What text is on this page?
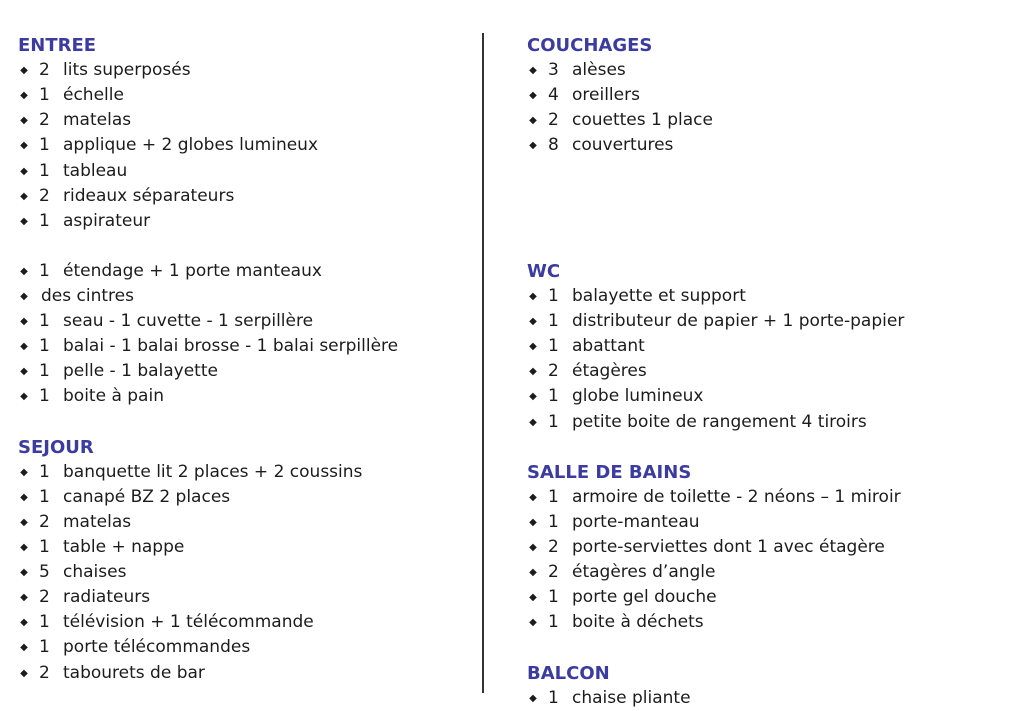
ENTREE
◆ 2 lits superposés
◆ 1 échelle
◆ 2 matelas
◆ 1 applique + 2 globes lumineux
◆ 1 tableau
◆ 2 rideaux séparateurs
◆ 1 aspirateur
◆ 1 étendage + 1 porte manteaux
◆ des cintres
◆ 1 seau - 1 cuvette - 1 serpillère
◆ 1 balai - 1 balai brosse - 1 balai serpillère
◆ 1 pelle - 1 balayette
◆ 1 boite à pain
SEJOUR
◆ 1 banquette lit 2 places + 2 coussins
◆ 1 canapé BZ 2 places
◆ 2 matelas
◆ 1 table + nappe
◆ 5 chaises
◆ 2 radiateurs
◆ 1 télévision + 1 télécommande
◆ 1 porte télécommandes
◆ 2 tabourets de bar
COUCHAGES
◆ 3 alèses
◆ 4 oreillers
◆ 2 couettes 1 place
◆ 8 couvertures
WC
◆ 1 balayette et support
◆ 1 distributeur de papier + 1 porte-papier
◆ 1 abattant
◆ 2 étagères
◆ 1 globe lumineux
◆ 1 petite boite de rangement 4 tiroirs
SALLE DE BAINS
◆ 1 armoire de toilette - 2 néons – 1 miroir
◆ 1 porte-manteau
◆ 2 porte-serviettes dont 1 avec étagère
◆ 2 étagères d’angle
◆ 1 porte gel douche
◆ 1 boite à déchets
BALCON
◆ 1 chaise pliante
